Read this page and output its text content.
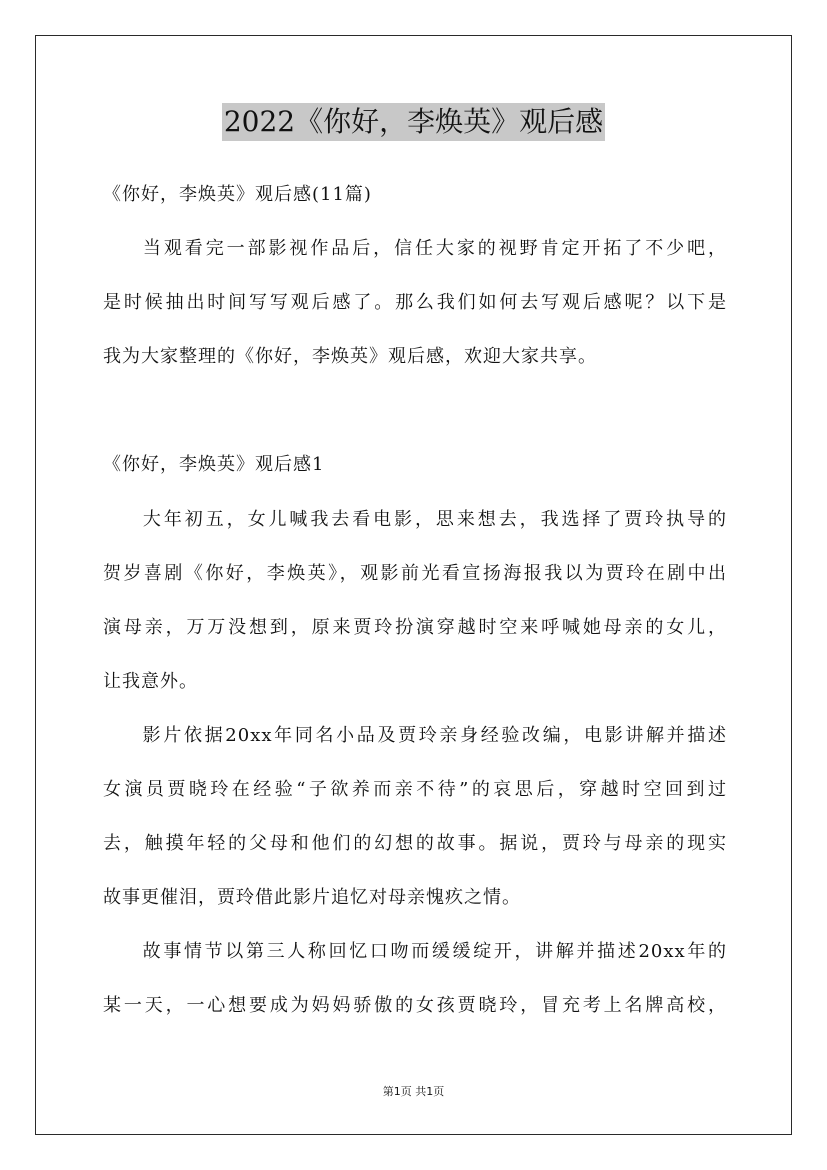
2022《你好，李焕英》观后感
《你好，李焕英》观后感(11篇)
当观看完一部影视作品后，信任大家的视野肯定开拓了不少吧，
是时候抽出时间写写观后感了。那么我们如何去写观后感呢？以下是
我为大家整理的《你好，李焕英》观后感，欢迎大家共享。
《你好，李焕英》观后感1
大年初五，女儿喊我去看电影，思来想去，我选择了贾玲执导的
贺岁喜剧《你好，李焕英》，观影前光看宣扬海报我以为贾玲在剧中出
演母亲，万万没想到，原来贾玲扮演穿越时空来呼喊她母亲的女儿，
让我意外。
影片依据20xx年同名小品及贾玲亲身经验改编，电影讲解并描述
女演员贾晓玲在经验“子欲养而亲不待”的哀思后，穿越时空回到过
去，触摸年轻的父母和他们的幻想的故事。据说，贾玲与母亲的现实
故事更催泪，贾玲借此影片追忆对母亲愧疚之情。
故事情节以第三人称回忆口吻而缓缓绽开，讲解并描述20xx年的
某一天，一心想要成为妈妈骄傲的女孩贾晓玲，冒充考上名牌高校，
第1页 共1页
